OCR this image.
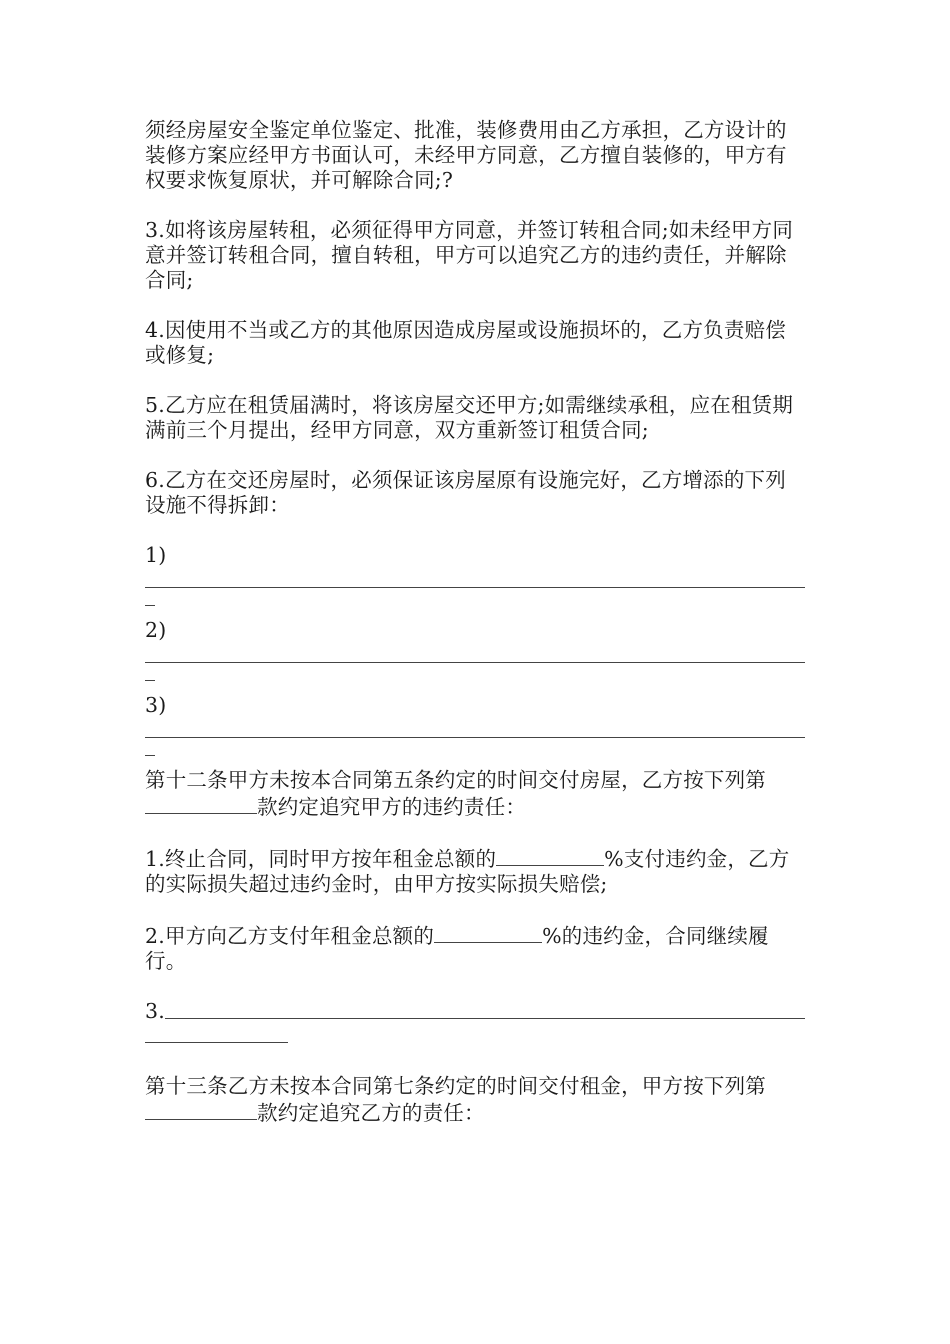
须经房屋安全鉴定单位鉴定、批准，装修费用由乙方承担，乙方设计的装修方案应经甲方书面认可，未经甲方同意，乙方擅自装修的，甲方有权要求恢复原状，并可解除合同;?

3.如将该房屋转租，必须征得甲方同意，并签订转租合同;如未经甲方同意并签订转租合同，擅自转租，甲方可以追究乙方的违约责任，并解除合同;

4.因使用不当或乙方的其他原因造成房屋或设施损坏的，乙方负责赔偿或修复;

5.乙方应在租赁届满时，将该房屋交还甲方;如需继续承租，应在租赁期满前三个月提出，经甲方同意，双方重新签订租赁合同;

6.乙方在交还房屋时，必须保证该房屋原有设施完好，乙方增添的下列设施不得拆卸：

1)
2)
3)

第十二条甲方未按本合同第五条约定的时间交付房屋，乙方按下列第款约定追究甲方的违约责任：

1.终止合同，同时甲方按年租金总额的	%支付违约金，乙方的实际损失超过违约金时，由甲方按实际损失赔偿;

2.甲方向乙方支付年租金总额的	%的违约金，合同继续履行。

3.

第十三条乙方未按本合同第七条约定的时间交付租金，甲方按下列第款约定追究乙方的责任：
